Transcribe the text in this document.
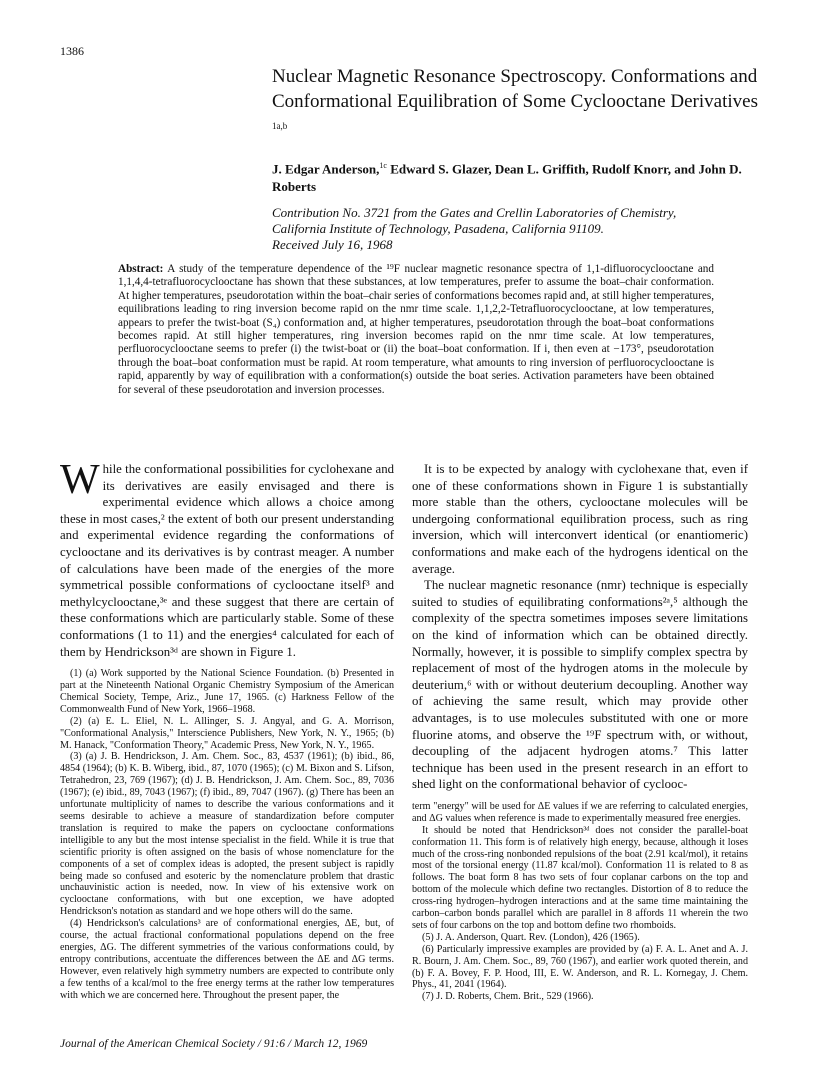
1386
Nuclear Magnetic Resonance Spectroscopy. Conformations and Conformational Equilibration of Some Cyclooctane Derivatives $^{1a,b}$
J. Edgar Anderson,$^{1c}$ Edward S. Glazer, Dean L. Griffith, Rudolf Knorr, and John D. Roberts
Contribution No. 3721 from the Gates and Crellin Laboratories of Chemistry,
California Institute of Technology, Pasadena, California 91109.
Received July 16, 1968
Abstract: A study of the temperature dependence of the ¹⁹F nuclear magnetic resonance spectra of 1,1-difluorocyclooctane and 1,1,4,4-tetrafluorocyclooctane has shown that these substances, at low temperatures, prefer to assume the boat–chair conformation. At higher temperatures, pseudorotation within the boat–chair series of conformations becomes rapid and, at still higher temperatures, equilibrations leading to ring inversion become rapid on the nmr time scale. 1,1,2,2-Tetrafluorocyclooctane, at low temperatures, appears to prefer the twist-boat (S₄) conformation and, at higher temperatures, pseudorotation through the boat–boat conformations becomes rapid. At still higher temperatures, ring inversion becomes rapid on the nmr time scale. At low temperatures, perfluorocyclooctane seems to prefer (i) the twist-boat or (ii) the boat–boat conformation. If i, then even at −173°, pseudorotation through the boat–boat conformation must be rapid. At room temperature, what amounts to ring inversion of perfluorocyclooctane is rapid, apparently by way of equilibration with a conformation(s) outside the boat series. Activation parameters have been obtained for several of these pseudorotation and inversion processes.

While the conformational possibilities for cyclohexane and its derivatives are easily envisaged and there is experimental evidence which allows a choice among these in most cases,² the extent of both our present understanding and experimental evidence regarding the conformations of cyclooctane and its derivatives is by contrast meager. A number of calculations have been made of the energies of the more symmetrical possible conformations of cyclooctane itself³ and methylcyclooctane,³ᵉ and these suggest that there are certain of these conformations which are particularly stable. Some of these conformations (1 to 11) and the energies⁴ calculated for each of them by Hendrickson³ᵈ are shown in Figure 1.

(1) (a) Work supported by the National Science Foundation. (b) Presented in part at the Nineteenth National Organic Chemistry Symposium of the American Chemical Society, Tempe, Ariz., June 17, 1965. (c) Harkness Fellow of the Commonwealth Fund of New York, 1966–1968.

(2) (a) E. L. Eliel, N. L. Allinger, S. J. Angyal, and G. A. Morrison, "Conformational Analysis," Interscience Publishers, New York, N. Y., 1965; (b) M. Hanack, "Conformation Theory," Academic Press, New York, N. Y., 1965.

(3) (a) J. B. Hendrickson, J. Am. Chem. Soc., 83, 4537 (1961); (b) ibid., 86, 4854 (1964); (b) K. B. Wiberg, ibid., 87, 1070 (1965); (c) M. Bixon and S. Lifson, Tetrahedron, 23, 769 (1967); (d) J. B. Hendrickson, J. Am. Chem. Soc., 89, 7036 (1967); (e) ibid., 89, 7043 (1967); (f) ibid., 89, 7047 (1967). (g) There has been an unfortunate multiplicity of names to describe the various conformations and it seems desirable to achieve a measure of standardization before computer translation is required to make the papers on cyclooctane conformations intelligible to any but the most intense specialist in the field. While it is true that scientific priority is often assigned on the basis of whose nomenclature for the components of a set of complex ideas is adopted, the present subject is rapidly being made so confused and esoteric by the nomenclature problem that drastic unchauvinistic action is needed, now. In view of his extensive work on cyclooctane conformations, with but one exception, we have adopted Hendrickson's notation as standard and we hope others will do the same.

(4) Hendrickson's calculations³ are of conformational energies, ΔE, but, of course, the actual fractional conformational populations depend on the free energies, ΔG. The different symmetries of the various conformations could, by entropy contributions, accentuate the differences between the ΔE and ΔG terms. However, even relatively high symmetry numbers are expected to contribute only a few tenths of a kcal/mol to the free energy terms at the rather low temperatures with which we are concerned here. Throughout the present paper, the

It is to be expected by analogy with cyclohexane that, even if one of these conformations shown in Figure 1 is substantially more stable than the others, cyclooctane molecules will be undergoing conformational equilibration process, such as ring inversion, which will interconvert identical (or enantiomeric) conformations and make each of the hydrogens identical on the average.

The nuclear magnetic resonance (nmr) technique is especially suited to studies of equilibrating conformations²ᵃ,⁵ although the complexity of the spectra sometimes imposes severe limitations on the kind of information which can be obtained directly. Normally, however, it is possible to simplify complex spectra by replacement of most of the hydrogen atoms in the molecule by deuterium,⁶ with or without deuterium decoupling. Another way of achieving the same result, which may provide other advantages, is to use molecules substituted with one or more fluorine atoms, and observe the ¹⁹F spectrum with, or without, decoupling of the adjacent hydrogen atoms.⁷ This latter technique has been used in the present research in an effort to shed light on the conformational behavior of cyclooc-

term "energy" will be used for ΔE values if we are referring to calculated energies, and ΔG values when reference is made to experimentally measured free energies.

It should be noted that Hendrickson³ᵈ does not consider the parallel-boat conformation 11. This form is of relatively high energy, because, although it loses much of the cross-ring nonbonded repulsions of the boat (2.91 kcal/mol), it retains most of the torsional energy (11.87 kcal/mol). Conformation 11 is related to 8 as follows. The boat form 8 has two sets of four coplanar carbons on the top and bottom of the molecule which define two rectangles. Distortion of 8 to reduce the cross-ring hydrogen–hydrogen interactions and at the same time maintaining the carbon–carbon bonds parallel which are parallel in 8 affords 11 wherein the two sets of four carbons on the top and bottom define two rhomboids.

(5) J. A. Anderson, Quart. Rev. (London), 426 (1965).

(6) Particularly impressive examples are provided by (a) F. A. L. Anet and A. J. R. Bourn, J. Am. Chem. Soc., 89, 760 (1967), and earlier work quoted therein, and (b) F. A. Bovey, F. P. Hood, III, E. W. Anderson, and R. L. Kornegay, J. Chem. Phys., 41, 2041 (1964).

(7) J. D. Roberts, Chem. Brit., 529 (1966).

Journal of the American Chemical Society / 91:6 / March 12, 1969
